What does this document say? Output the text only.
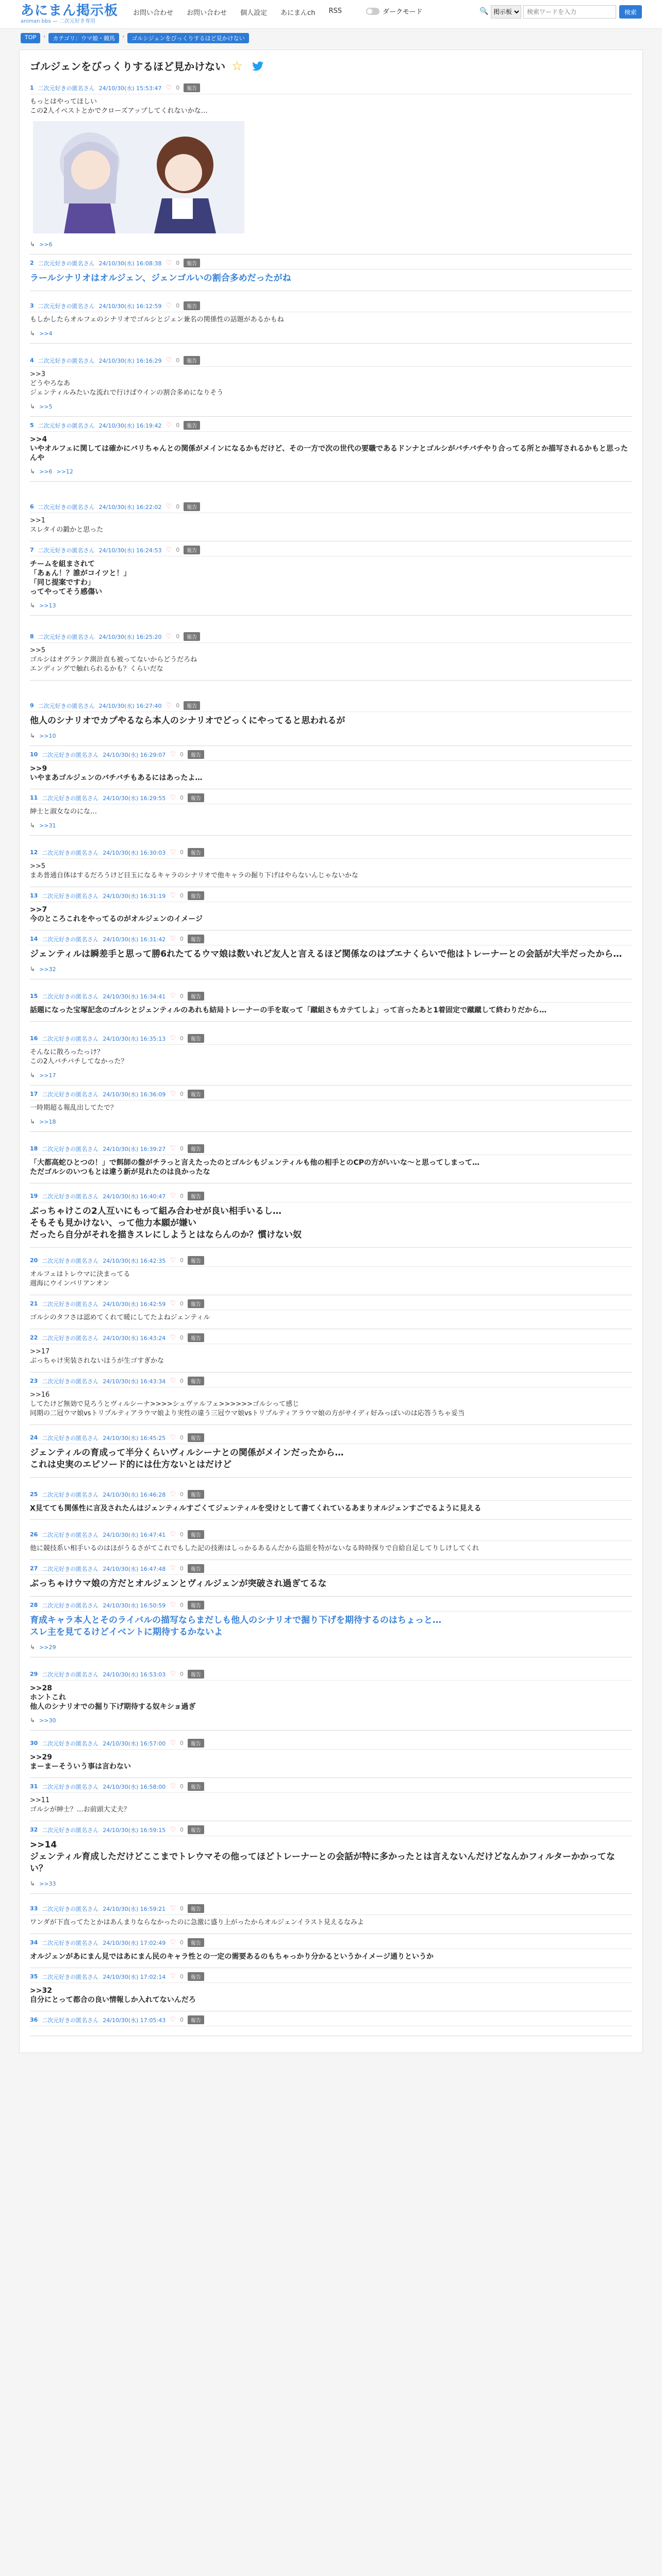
あにまん掲示板
animan bbs — 二次元好き専用
お問い合わせ お問い合わせ 個人設定 あにまんch RSS	ダークモード	🔍
掲示板
検索ワードを入力	検索
TOP	›	カテゴリ：ウマ娘・競馬	›	ゴルシジェンをびっくりするほど見かけない
ゴルジェンをびっくりするほど見かけない ☆
1 二次元好きの匿名さん 24/10/30(水) 15:53:47 ♡ 0	報告
もっとはやってほしい
この2人イベストとかでクローズアップしてくれないかな…
↳ >>6
2 二次元好きの匿名さん 24/10/30(水) 16:08:38 ♡ 0	報告
ラールシナリオはオルジェン、ジェンゴルいの割合多めだったがね
3 二次元好きの匿名さん 24/10/30(水) 16:12:59 ♡ 0	報告
もしかしたらオルフェのシナリオでゴルシとジェン兼名の関係性の話題があるかもね
↳ >>4
4 二次元好きの匿名さん 24/10/30(水) 16:16:29 ♡ 0	報告
>>3
どうやろなあ
ジェンティルみたいな流れで行けばウインの割合多めになりそう
↳ >>5
5 二次元好きの匿名さん 24/10/30(水) 16:19:42 ♡ 0	報告
>>4
いやオルフェに関しては確かにバリちゃんとの関係がメインになるかもだけど、その一方で次の世代の要職であるドンナとゴルシがバチバチやり合ってる所とか描写されるかもと思ったんや
↳ >>6 >>12
6 二次元好きの匿名さん 24/10/30(水) 16:22:02 ♡ 0	報告
>>1
スレタイの鍛かと思った
7 二次元好きの匿名さん 24/10/30(水) 16:24:53 ♡ 0	報告
チームを組まされて
「あぁん！？誰がコイツと！」
「同じ提案ですわ」
ってやってそう感傷い
↳ >>13
8 二次元好きの匿名さん 24/10/30(水) 16:25:20 ♡ 0	報告
>>5
ゴルシはオグランク測計直も被ってないからどうだろね
エンディングで触れられるかも？くらいだな
9 二次元好きの匿名さん 24/10/30(水) 16:27:40 ♡ 0	報告
他人のシナリオでカプやるなら本人のシナリオでどっくにやってると思われるが
↳ >>10
10 二次元好きの匿名さん 24/10/30(水) 16:29:07 ♡ 0	報告
>>9
いやまあゴルジェンのバチバチもあるにはあったよ…
11 二次元好きの匿名さん 24/10/30(水) 16:29:55 ♡ 0	報告
紳士と淑女なのにな…
↳ >>31
12 二次元好きの匿名さん 24/10/30(水) 16:30:03 ♡ 0	報告
>>5
まあ普通自体はするだろうけど目玉になるキャラのシナリオで他キャラの掘り下げはやらないんじゃないかな
13 二次元好きの匿名さん 24/10/30(水) 16:31:19 ♡ 0	報告
>>7
今のところこれをやってるのがオルジェンのイメージ
14 二次元好きの匿名さん 24/10/30(水) 16:31:42 ♡ 0	報告
ジェンティルは瞬差手と思って勝6れたてるウマ娘は数いれど友人と言えるほど関係なのはブエナくらいで他はトレーナーとの会話が大半だったから…
↳ >>32
15 二次元好きの匿名さん 24/10/30(水) 16:34:41 ♡ 0	報告
話題になった宝塚記念のゴルシとジェンティルのあれも結局トレーナーの手を取って「蹴組さもカテてしよ」って言ったあと1着固定で蹴蹴して終わりだから…
16 二次元好きの匿名さん 24/10/30(水) 16:35:13 ♡ 0	報告
そんなに散ろったっけ？
この2人バチバチしてなかった？
↳ >>17
17 二次元好きの匿名さん 24/10/30(水) 16:36:09 ♡ 0	報告
一時期超る報乱出してたで？
↳ >>18
18 二次元好きの匿名さん 24/10/30(水) 16:39:27 ♡ 0	報告
「大都高蛇ひとつの！」で餌師の盤がチラっと言えたったのとゴルシもジェンティルも他の相手とのCPの方がいいな～と思ってしまって…
ただゴルシのいつもとは違う新が見れたのは良かったな
19 二次元好きの匿名さん 24/10/30(水) 16:40:47 ♡ 0	報告
ぶっちゃけこの2人互いにもって組み合わせが良い相手いるし…
そもそも見かけない、って他力本願が嫌い
だったら自分がそれを描きスレにしようとはならんのか？慣けない奴
20 二次元好きの匿名さん 24/10/30(水) 16:42:35 ♡ 0	報告
オルフェはトレウマに決まってる
週海にウインバリアンオン
21 二次元好きの匿名さん 24/10/30(水) 16:42:59 ♡ 0	報告
ゴルシのタフさは認めてくれて暖にしてたよねジェンティル
22 二次元好きの匿名さん 24/10/30(水) 16:43:24 ♡ 0	報告
>>17
ぶっちゃけ実装されないほうが生ゴすぎかな
23 二次元好きの匿名さん 24/10/30(水) 16:43:34 ♡ 0	報告
>>16
してたけど無効で見ろうとヴィルシーナ>>>>シュヴァルフェ>>>>>>ゴルシって感じ
同期の二冠ウマ娘vsトリプルティアラウマ娘より実性の違う三冠ウマ娘vsトリプルティアラウマ娘の方がサイディ好みっぽいのは応答うちゃ妥当
24 二次元好きの匿名さん 24/10/30(水) 16:45:25 ♡ 0	報告
ジェンティルの育成って半分くらいヴィルシーナとの関係がメインだったから…
これは史実のエピソード的には仕方ないとはだけど
25 二次元好きの匿名さん 24/10/30(水) 16:46:28 ♡ 0	報告
X見てても関係性に言及されたんはジェンティルすごくてジェンティルを受けとして書てくれているあまりオルジェンすごでるように見える
26 二次元好きの匿名さん 24/10/30(水) 16:47:41 ♡ 0	報告
他に競技系い相手いるのはほがうるさがてこれでもした記の技術はしっかるあるんだから盗組を特がないなる時時探りで自給自足してりしけしてくれ
27 二次元好きの匿名さん 24/10/30(水) 16:47:48 ♡ 0	報告
ぶっちゃけウマ娘の方だとオルジェンとヴィルジェンが突破され過ぎてるな
28 二次元好きの匿名さん 24/10/30(水) 16:50:59 ♡ 0	報告
育成キャラ本人とそのライバルの描写ならまだしも他人のシナリオで掘り下げを期待するのはちょっと…
スレ主を見てるけどイベントに期待するかないよ
↳ >>29
29 二次元好きの匿名さん 24/10/30(水) 16:53:03 ♡ 0	報告
>>28
ホントこれ
他人のシナリオでの掘り下げ期待する奴キショ過ぎ
↳ >>30
30 二次元好きの匿名さん 24/10/30(水) 16:57:00 ♡ 0	報告
>>29
まーまーそういう事は言わない
31 二次元好きの匿名さん 24/10/30(水) 16:58:00 ♡ 0	報告
>>11
ゴルシが紳士？…お前頭大丈夫？
32 二次元好きの匿名さん 24/10/30(水) 16:59:15 ♡ 0	報告
>>14
ジェンティル育成しただけどここまでトレウマその他ってほどトレーナーとの会話が特に多かったとは言えないんだけどなんかフィルターかかってない？
↳ >>33
33 二次元好きの匿名さん 24/10/30(水) 16:59:21 ♡ 0	報告
ワンダが下直ってたとかはあんまりならなかったのに急激に盛り上がったからオルジェンイラスト見えるなみよ
34 二次元好きの匿名さん 24/10/30(水) 17:02:49 ♡ 0	報告
オルジェンがあにまん見ではあにまん民のキャラ性との一定の需要あるのもちゃっかり分かるというかイメージ通りというか
35 二次元好きの匿名さん 24/10/30(水) 17:02:14 ♡ 0	報告
>>32
自分にとって都合の良い情報しか入れてないんだろ
36 二次元好きの匿名さん 24/10/30(水) 17:05:43 ♡ 0	報告
